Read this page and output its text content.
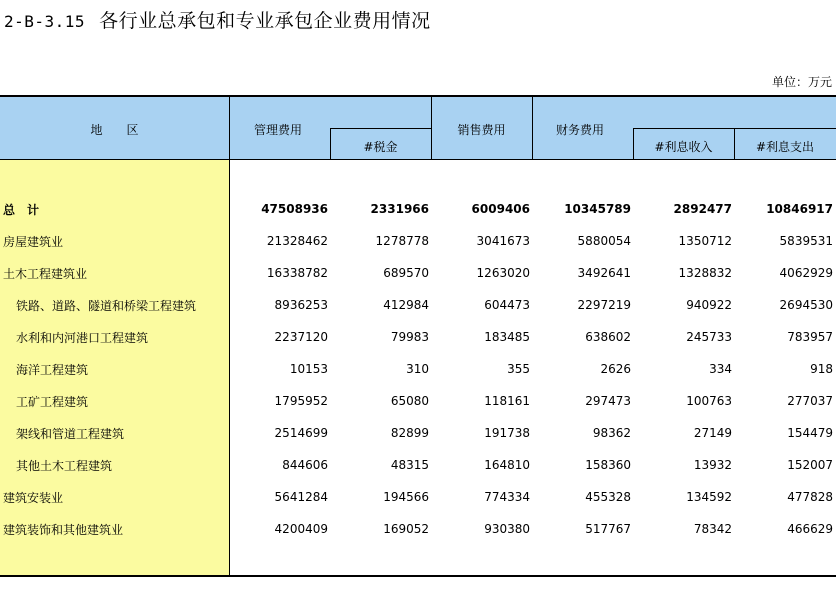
2-B-3.15 各行业总承包和专业承包企业费用情况
单位：万元
地　　区	管理费用
#税金
销售费用	财务费用
#利息收入	#利息支出
总　计	47508936	2331966	6009406	10345789	2892477	10846917
房屋建筑业	21328462	1278778	3041673	5880054	1350712	5839531
土木工程建筑业	16338782	689570	1263020	3492641	1328832	4062929
铁路、道路、隧道和桥梁工程建筑	8936253	412984	604473	2297219	940922	2694530
水利和内河港口工程建筑	2237120	79983	183485	638602	245733	783957
海洋工程建筑	10153	310	355	2626	334	918
工矿工程建筑	1795952	65080	118161	297473	100763	277037
架线和管道工程建筑	2514699	82899	191738	98362	27149	154479
其他土木工程建筑	844606	48315	164810	158360	13932	152007
建筑安装业	5641284	194566	774334	455328	134592	477828
建筑装饰和其他建筑业	4200409	169052	930380	517767	78342	466629
